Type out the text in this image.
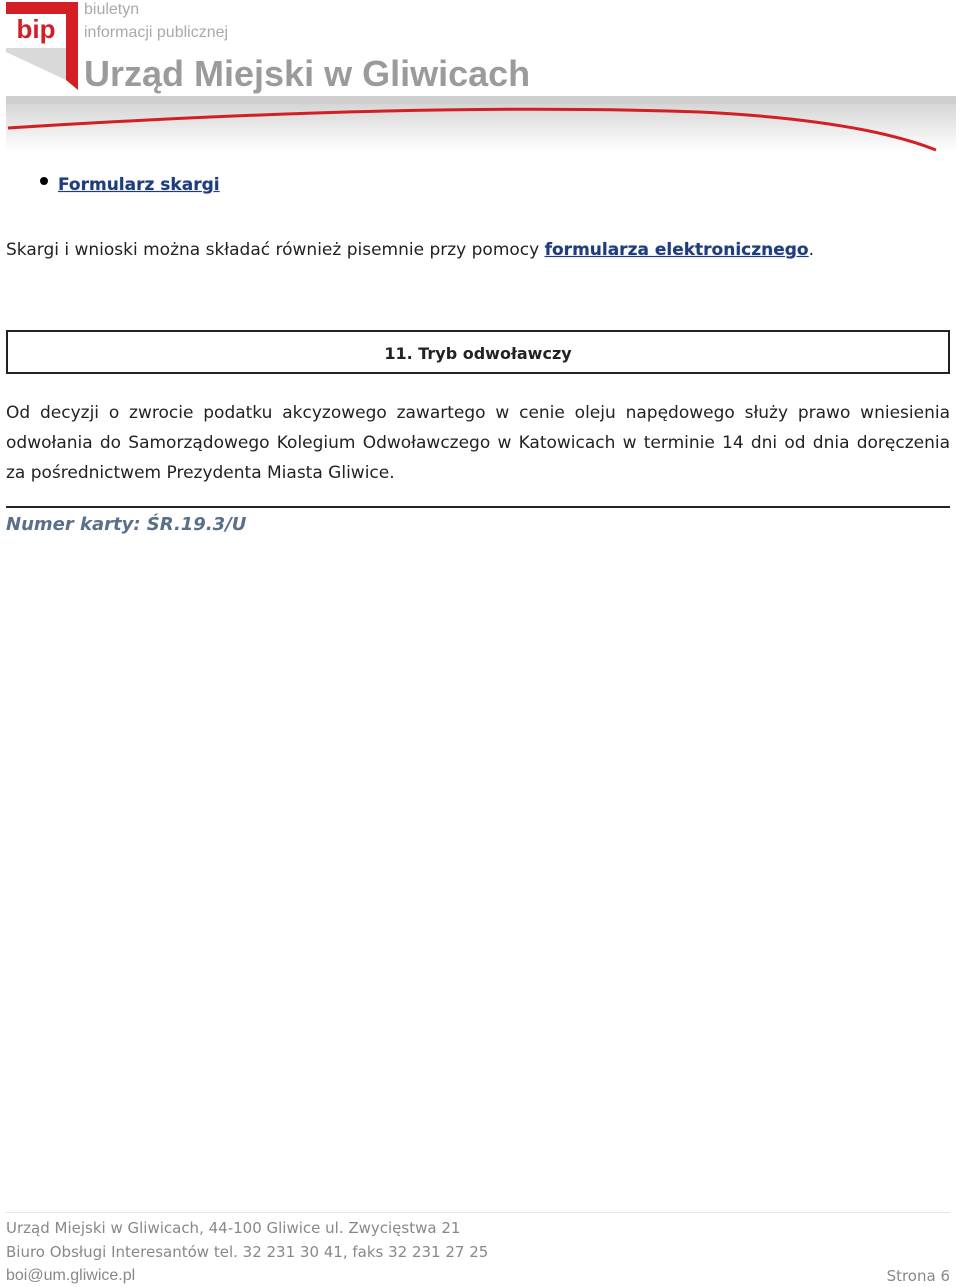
bip
biuletyn
informacji publicznej
Urząd Miejski w Gliwicach
Formularz skargi

Skargi i wnioski można składać również pisemnie przy pomocy formularza elektronicznego.

11. Tryb odwoławczy

Od decyzji o zwrocie podatku akcyzowego zawartego w cenie oleju napędowego służy prawo wniesienia odwołania do Samorządowego Kolegium Odwoławczego w Katowicach w terminie 14 dni od dnia doręczenia za pośrednictwem Prezydenta Miasta Gliwice.

Numer karty: ŚR.19.3/U

Urząd Miejski w Gliwicach, 44-100 Gliwice ul. Zwycięstwa 21

Biuro Obsługi Interesantów tel. 32 231 30 41, faks 32 231 27 25

boi@um.gliwice.pl	Strona 6
